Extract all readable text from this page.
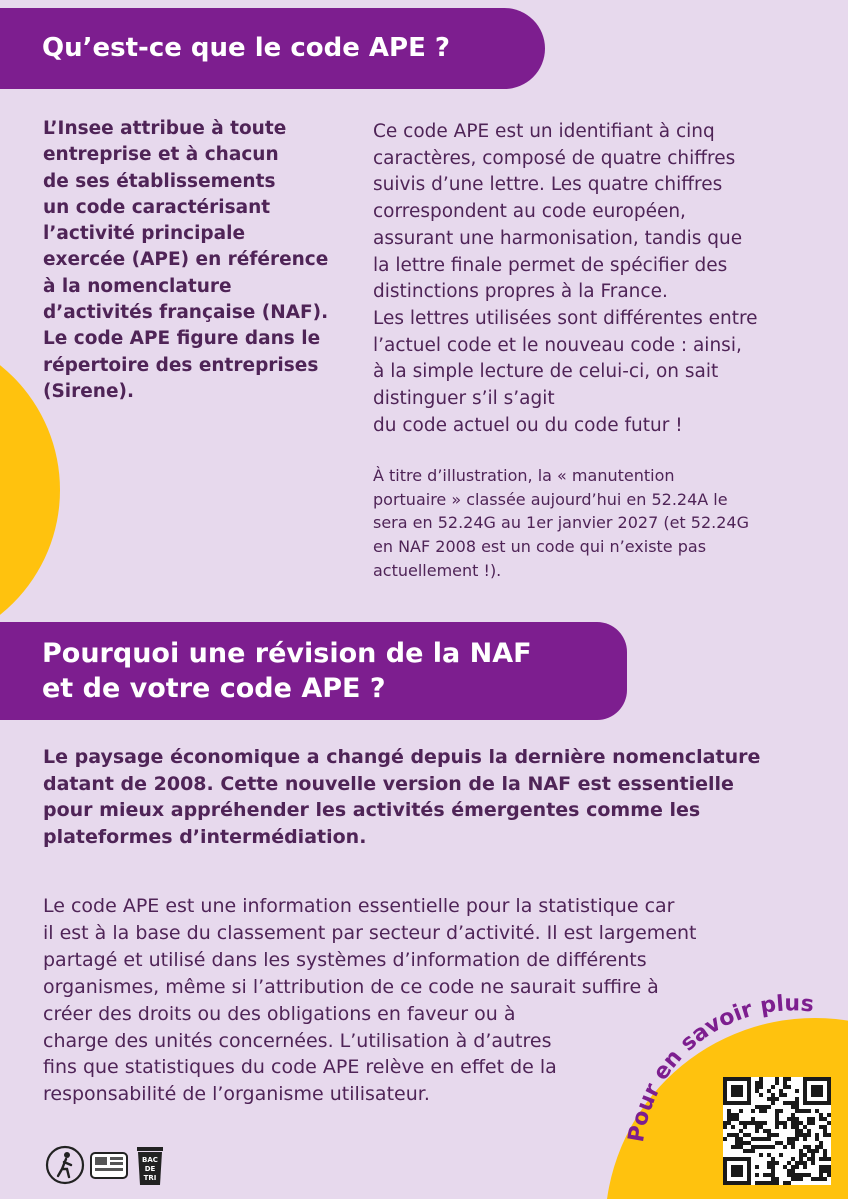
Qu’est-ce que le code APE ?
L’Insee attribue à toute
entreprise et à chacun
de ses établissements
un code caractérisant
l’activité principale
exercée (APE) en référence
à la nomenclature
d’activités française (NAF).
Le code APE figure dans le
répertoire des entreprises
(Sirene).
Ce code APE est un identifiant à cinq
caractères, composé de quatre chiffres
suivis d’une lettre. Les quatre chiffres
correspondent au code européen,
assurant une harmonisation, tandis que
la lettre finale permet de spécifier des
distinctions propres à la France.
Les lettres utilisées sont différentes entre
l’actuel code et le nouveau code : ainsi,
à la simple lecture de celui-ci, on sait
distinguer s’il s’agit
du code actuel ou du code futur !
À titre d’illustration, la « manutention
portuaire » classée aujourd’hui en 52.24A le
sera en 52.24G au 1er janvier 2027 (et 52.24G
en NAF 2008 est un code qui n’existe pas
actuellement !).
Pourquoi une révision de la NAF
et de votre code APE ?
Le paysage économique a changé depuis la dernière nomenclature
datant de 2008. Cette nouvelle version de la NAF est essentielle
pour mieux appréhender les activités émergentes comme les
plateformes d’intermédiation.
Le code APE est une information essentielle pour la statistique car
il est à la base du classement par secteur d’activité. Il est largement
partagé et utilisé dans les systèmes d’information de différents
organismes, même si l’attribution de ce code ne saurait suffire à
créer des droits ou des obligations en faveur ou à
charge des unités concernées. L’utilisation à d’autres
fins que statistiques du code APE relève en effet de la
responsabilité de l’organisme utilisateur.
Pour en savoir plus
BAC
DE
TRI
